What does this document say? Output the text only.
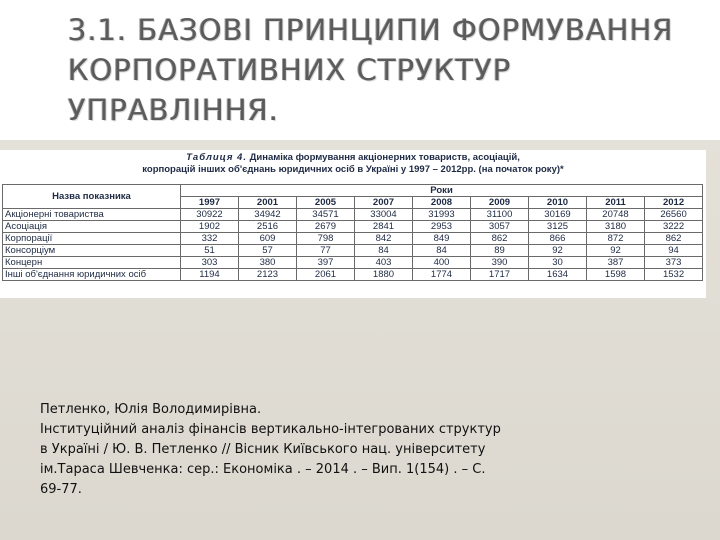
3.1. БАЗОВІ ПРИНЦИПИ ФОРМУВАННЯ
КОРПОРАТИВНИХ СТРУКТУР УПРАВЛІННЯ.
Таблиця 4. Динаміка формування акціонерних товариств, асоціацій,
корпорацій інших об'єднань юридичних осіб в Україні у 1997 – 2012рр. (на початок року)*
Назва показника	Роки								
	1997	2001	2005	2007	2008	2009	2010	2011	2012
Акціонерні товариства	30922	34942	34571	33004	31993	31100	30169	20748	26560
Асоціація	1902	2516	2679	2841	2953	3057	3125	3180	3222
Корпорації	332	609	798	842	849	862	866	872	862
Консорціум	51	57	77	84	84	89	92	92	94
Концерн	303	380	397	403	400	390	30	387	373
Інші об'єднання юридичних осіб	1194	2123	2061	1880	1774	1717	1634	1598	1532
Петленко, Юлія Володимирівна.
Інституційний аналіз фінансів вертикально-інтегрованих структур
в Україні / Ю. В. Петленко // Вісник Київського нац. університету
ім.Тараса Шевченка: сер.: Економіка . – 2014 . – Вип. 1(154) . – С.
69-77.
